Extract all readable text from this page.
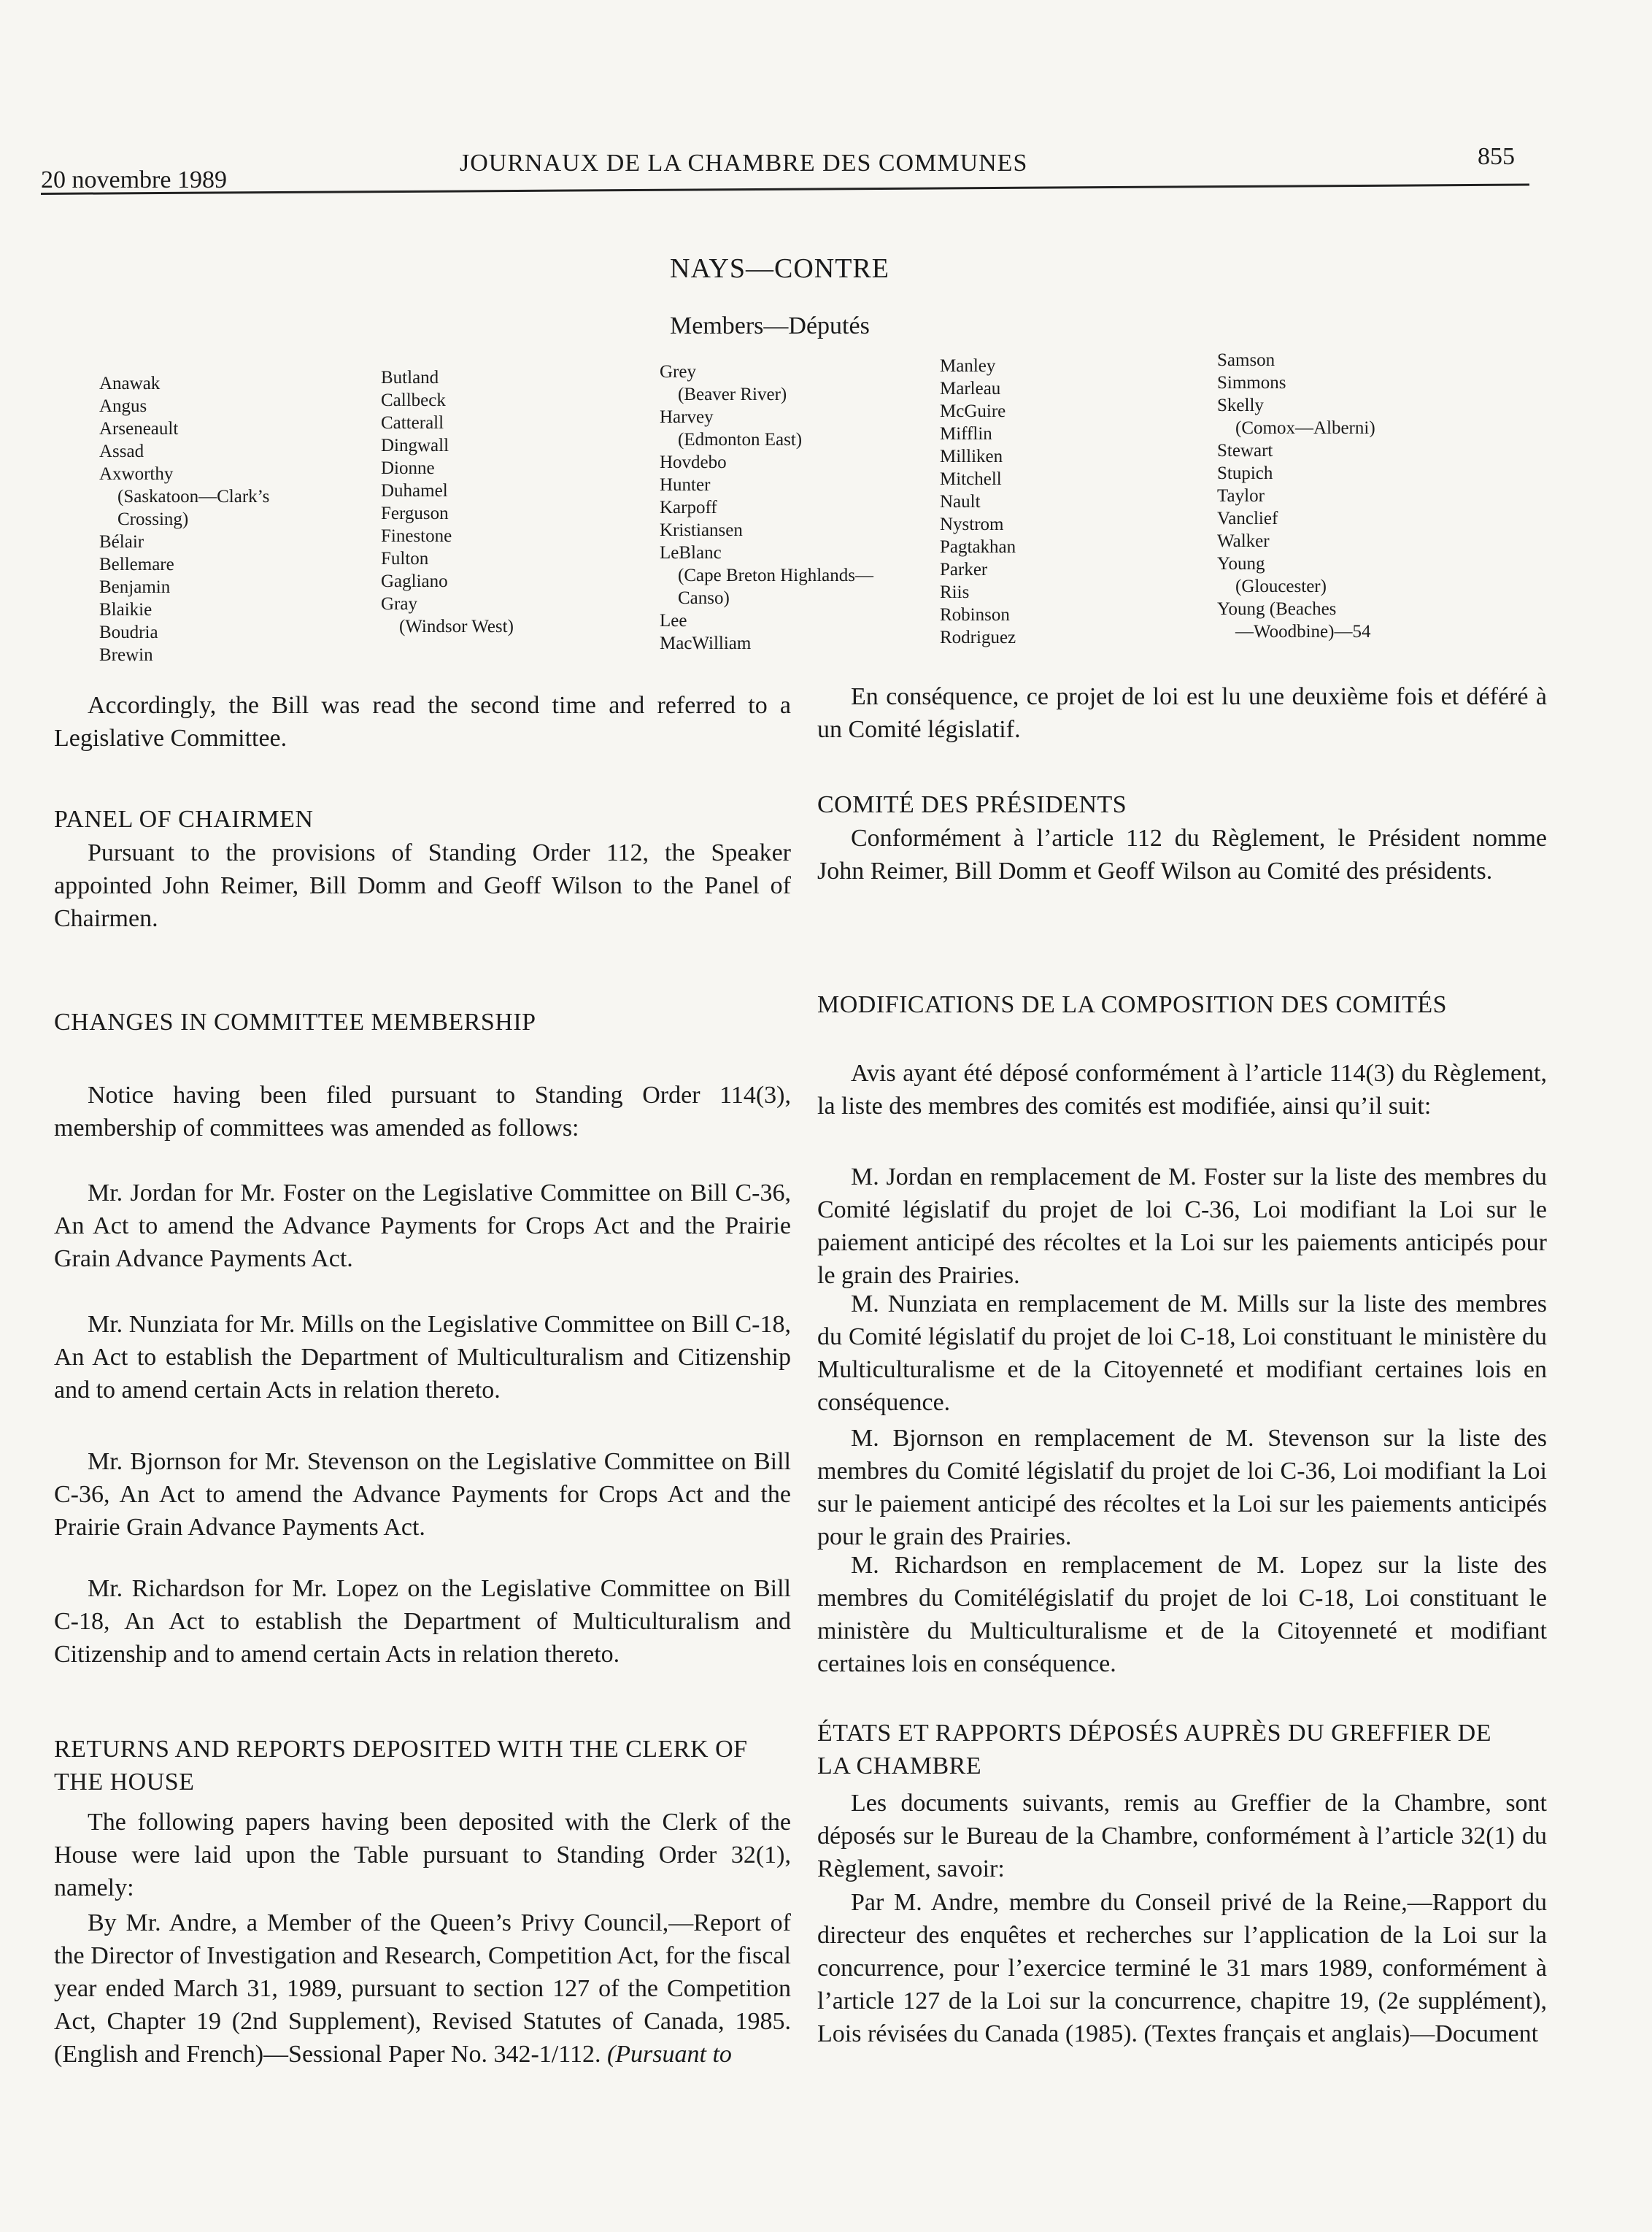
20 novembre 1989
JOURNAUX DE LA CHAMBRE DES COMMUNES	855
NAYS—CONTRE
Members—Députés
Anawak
Angus
Arseneault
Assad
Axworthy
(Saskatoon—Clark’s
Crossing)
Bélair
Bellemare
Benjamin
Blaikie
Boudria
Brewin
Butland
Callbeck
Catterall
Dingwall
Dionne
Duhamel
Ferguson
Finestone
Fulton
Gagliano
Gray
(Windsor West)
Grey
(Beaver River)
Harvey
(Edmonton East)
Hovdebo
Hunter
Karpoff
Kristiansen
LeBlanc
(Cape Breton Highlands—
Canso)
Lee
MacWilliam
Manley
Marleau
McGuire
Mifflin
Milliken
Mitchell
Nault
Nystrom
Pagtakhan
Parker
Riis
Robinson
Rodriguez
Samson
Simmons
Skelly
(Comox—Alberni)
Stewart
Stupich
Taylor
Vanclief
Walker
Young
(Gloucester)
Young (Beaches
—Woodbine)—54

Accordingly, the Bill was read the second time and referred to a Legislative Committee.

PANEL OF CHAIRMEN

Pursuant to the provisions of Standing Order 112, the Speaker appointed John Reimer, Bill Domm and Geoff Wilson to the Panel of Chairmen.

CHANGES IN COMMITTEE MEMBERSHIP

Notice having been filed pursuant to Standing Order 114(3), membership of committees was amended as follows:

Mr. Jordan for Mr. Foster on the Legislative Committee on Bill C-36, An Act to amend the Advance Payments for Crops Act and the Prairie Grain Advance Payments Act.

Mr. Nunziata for Mr. Mills on the Legislative Committee on Bill C-18, An Act to establish the Department of Multiculturalism and Citizenship and to amend certain Acts in relation thereto.

Mr. Bjornson for Mr. Stevenson on the Legislative Committee on Bill C-36, An Act to amend the Advance Payments for Crops Act and the Prairie Grain Advance Payments Act.

Mr. Richardson for Mr. Lopez on the Legislative Committee on Bill C-18, An Act to establish the Department of Multiculturalism and Citizenship and to amend certain Acts in relation thereto.

RETURNS AND REPORTS DEPOSITED WITH THE CLERK OF THE HOUSE

The following papers having been deposited with the Clerk of the House were laid upon the Table pursuant to Standing Order 32(1), namely:

By Mr. Andre, a Member of the Queen’s Privy Council,—Report of the Director of Investigation and Research, Competition Act, for the fiscal year ended March 31, 1989, pursuant to section 127 of the Competition Act, Chapter 19 (2nd Supplement), Revised Statutes of Canada, 1985. (English and French)—Sessional Paper No. 342-1/112. (Pursuant to

En conséquence, ce projet de loi est lu une deuxième fois et déféré à un Comité législatif.

COMITÉ DES PRÉSIDENTS

Conformément à l’article 112 du Règlement, le Président nomme John Reimer, Bill Domm et Geoff Wilson au Comité des présidents.

MODIFICATIONS DE LA COMPOSITION DES COMITÉS

Avis ayant été déposé conformément à l’article 114(3) du Règlement, la liste des membres des comités est modifiée, ainsi qu’il suit:

M. Jordan en remplacement de M. Foster sur la liste des membres du Comité législatif du projet de loi C-36, Loi modifiant la Loi sur le paiement anticipé des récoltes et la Loi sur les paiements anticipés pour le grain des Prairies.

M. Nunziata en remplacement de M. Mills sur la liste des membres du Comité législatif du projet de loi C-18, Loi constituant le ministère du Multiculturalisme et de la Citoyenneté et modifiant certaines lois en conséquence.

M. Bjornson en remplacement de M. Stevenson sur la liste des membres du Comité législatif du projet de loi C-36, Loi modifiant la Loi sur le paiement anticipé des récoltes et la Loi sur les paiements anticipés pour le grain des Prairies.

M. Richardson en remplacement de M. Lopez sur la liste des membres du Comitélégislatif du projet de loi C-18, Loi constituant le ministère du Multiculturalisme et de la Citoyenneté et modifiant certaines lois en conséquence.

ÉTATS ET RAPPORTS DÉPOSÉS AUPRÈS DU GREFFIER DE LA CHAMBRE

Les documents suivants, remis au Greffier de la Chambre, sont déposés sur le Bureau de la Chambre, conformément à l’article 32(1) du Règlement, savoir:

Par M. Andre, membre du Conseil privé de la Reine,—Rapport du directeur des enquêtes et recherches sur l’application de la Loi sur la concurrence, pour l’exercice terminé le 31 mars 1989, conformément à l’article 127 de la Loi sur la concurrence, chapitre 19, (2e supplément), Lois révisées du Canada (1985). (Textes français et anglais)—Document
